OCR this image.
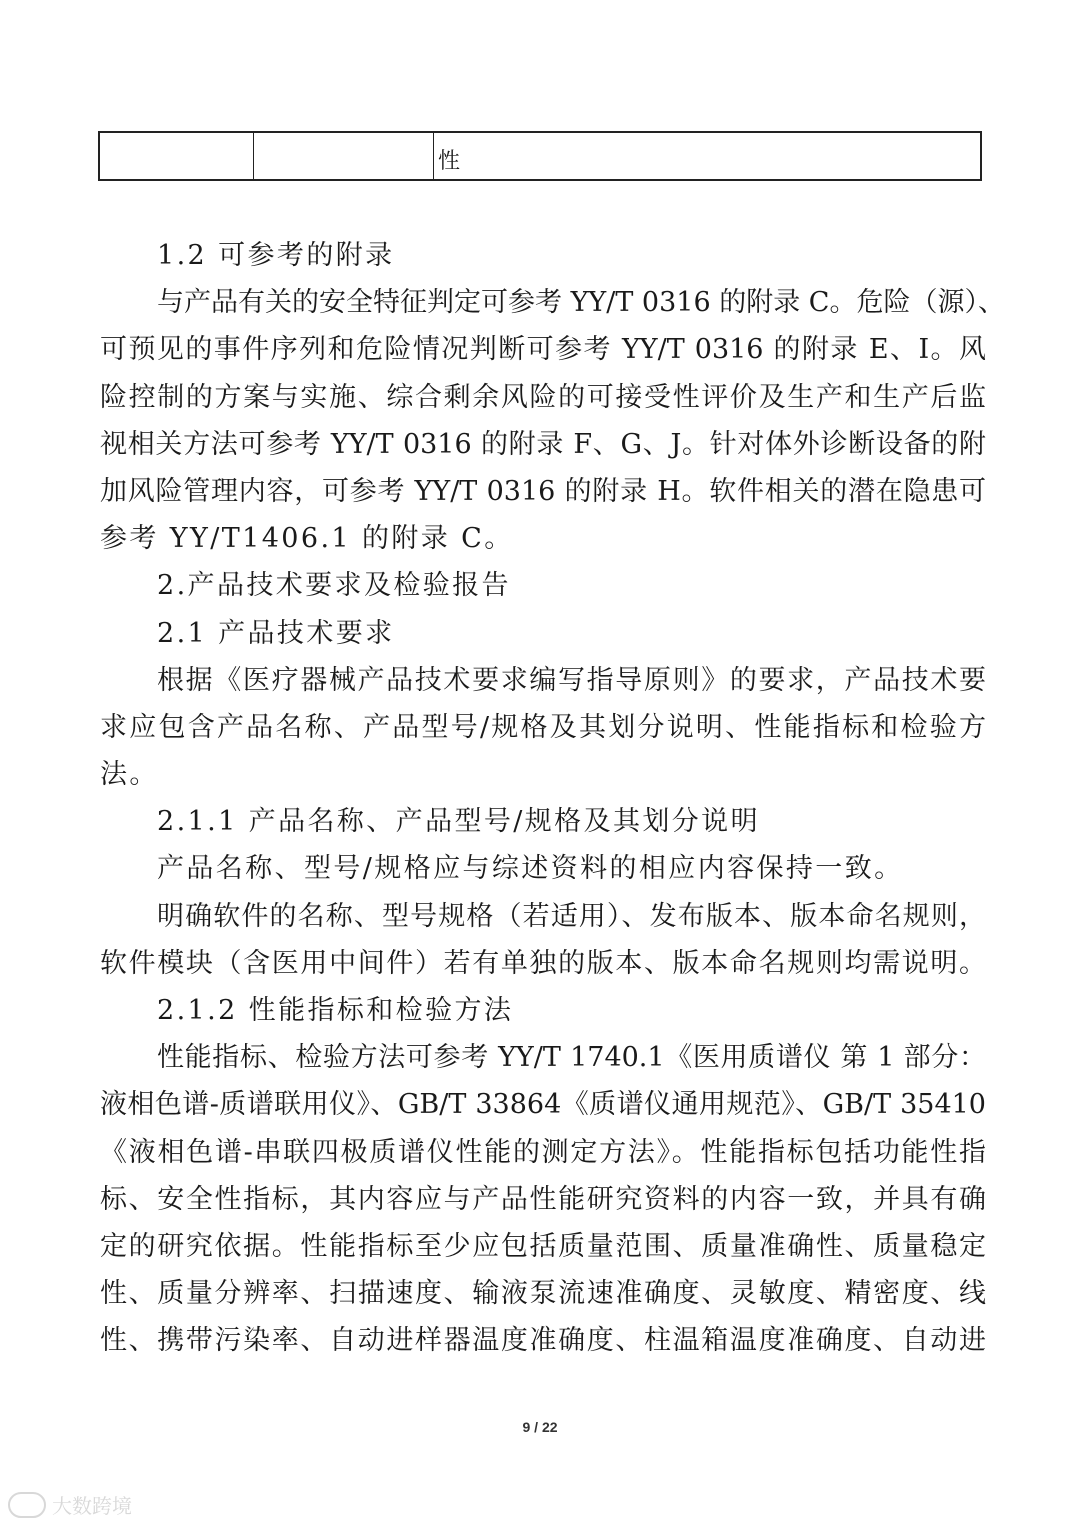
性
1.2 可参考的附录
与产品有关的安全特征判定可参考 YY/T 0316 的附录 C。危险（源）、
可预见的事件序列和危险情况判断可参考 YY/T 0316 的附录 E、I。风
险控制的方案与实施、综合剩余风险的可接受性评价及生产和生产后监
视相关方法可参考 YY/T 0316 的附录 F、G、J。针对体外诊断设备的附
加风险管理内容，可参考 YY/T 0316 的附录 H。软件相关的潜在隐患可
参考 YY/T1406.1 的附录 C。
2.产品技术要求及检验报告
2.1 产品技术要求
根据《医疗器械产品技术要求编写指导原则》的要求，产品技术要
求应包含产品名称、产品型号/规格及其划分说明、性能指标和检验方
法。
2.1.1 产品名称、产品型号/规格及其划分说明
产品名称、型号/规格应与综述资料的相应内容保持一致。
明确软件的名称、型号规格（若适用）、发布版本、版本命名规则，
软件模块（含医用中间件）若有单独的版本、版本命名规则均需说明。
2.1.2 性能指标和检验方法
性能指标、检验方法可参考 YY/T 1740.1《医用质谱仪 第 1 部分：
液相色谱-质谱联用仪》、GB/T 33864《质谱仪通用规范》、GB/T 35410
《液相色谱-串联四极质谱仪性能的测定方法》。性能指标包括功能性指
标、安全性指标，其内容应与产品性能研究资料的内容一致，并具有确
定的研究依据。性能指标至少应包括质量范围、质量准确性、质量稳定
性、质量分辨率、扫描速度、输液泵流速准确度、灵敏度、精密度、线
性、携带污染率、自动进样器温度准确度、柱温箱温度准确度、自动进
9 / 22
大数跨境
